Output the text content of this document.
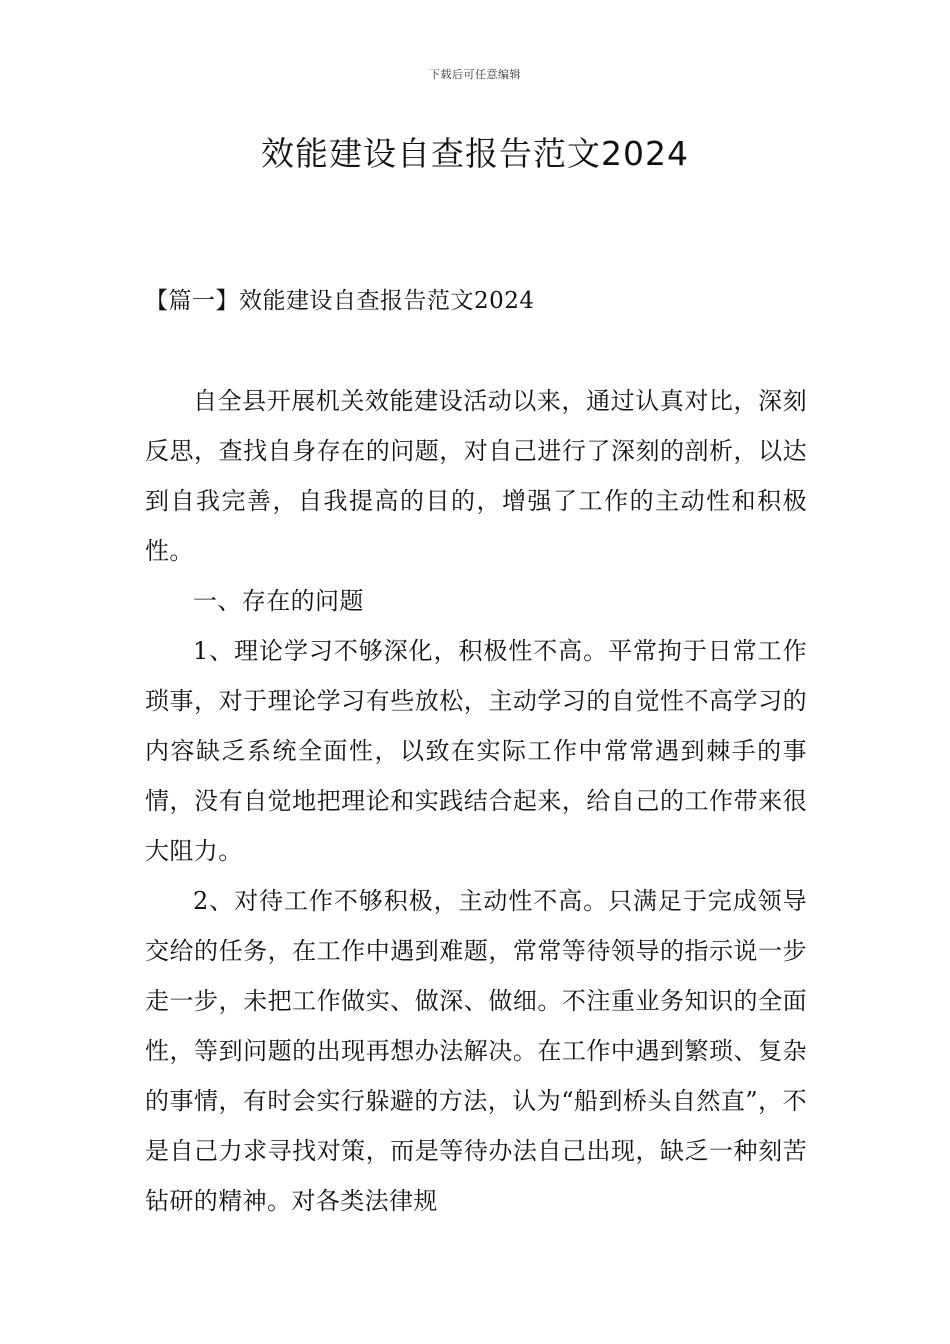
下载后可任意编辑
效能建设自查报告范文2024
【篇一】效能建设自查报告范文2024

自全县开展机关效能建设活动以来，通过认真对比，深刻反思，查找自身存在的问题，对自己进行了深刻的剖析，以达到自我完善，自我提高的目的，增强了工作的主动性和积极性。

一、存在的问题

1、理论学习不够深化，积极性不高。平常拘于日常工作琐事，对于理论学习有些放松，主动学习的自觉性不高学习的内容缺乏系统全面性，以致在实际工作中常常遇到棘手的事情，没有自觉地把理论和实践结合起来，给自己的工作带来很大阻力。

2、对待工作不够积极，主动性不高。只满足于完成领导交给的任务，在工作中遇到难题，常常等待领导的指示说一步走一步，未把工作做实、做深、做细。不注重业务知识的全面性，等到问题的出现再想办法解决。在工作中遇到繁琐、复杂的事情，有时会实行躲避的方法，认为“船到桥头自然直”，不是自己力求寻找对策，而是等待办法自己出现，缺乏一种刻苦钻研的精神。对各类法律规
